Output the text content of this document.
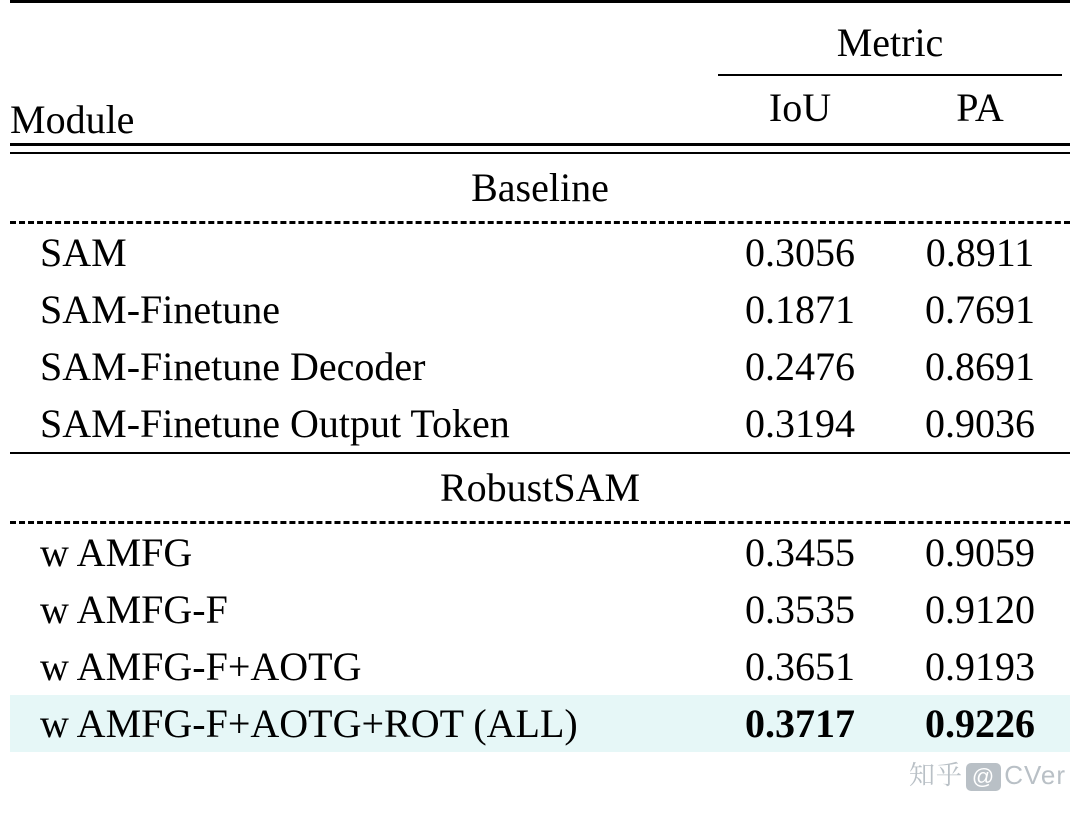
Module	Metric	

	IoU	PA

Baseline		

SAM	0.3056	0.8911
SAM-Finetune	0.1871	0.7691
SAM-Finetune Decoder	0.2476	0.8691
SAM-Finetune Output Token	0.3194	0.9036

RobustSAM		

w AMFG	0.3455	0.9059
w AMFG-F	0.3535	0.9120
w AMFG-F+AOTG	0.3651	0.9193
w AMFG-F+AOTG+ROT (ALL)	0.3717	0.9226
知乎 @ CVer
